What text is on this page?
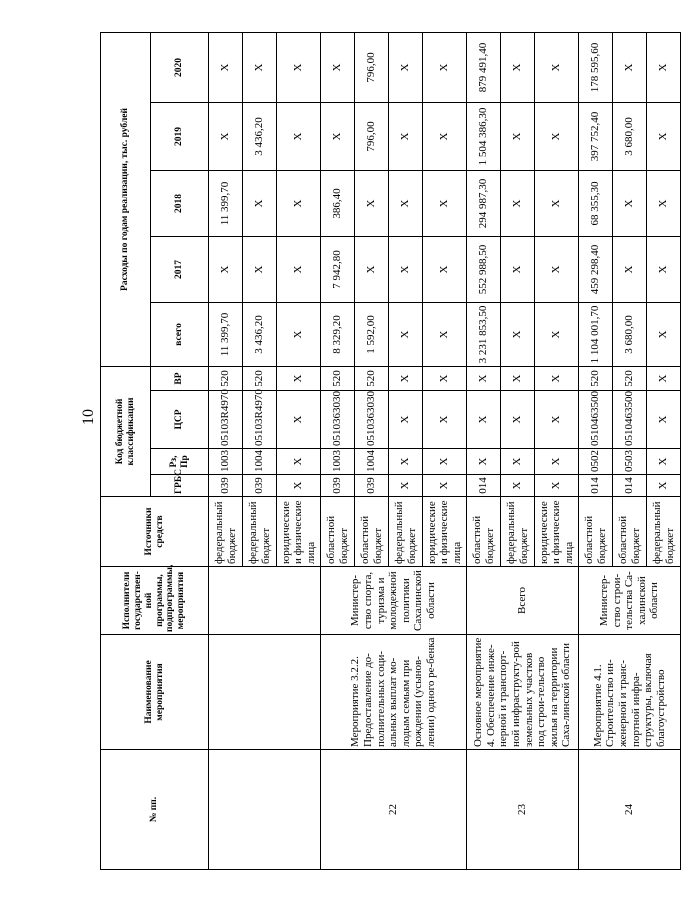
10
№ пп.	Наименование мероприятия	Исполнители государствен-ной программы, подпрограммы, мероприятия	Источники средств	Код бюджетной классификации				Расходы по годам реализации, тыс. рублей				
				ГРБС	Рз, Пр	ЦСР	ВР	всего	2017	2018	2019	2020
			федеральный бюджет	039	1003	05103R4970	520	11 399,70	X	11 399,70	X	X
			федеральный бюджет	039	1004	05103R4970	520	3 436,20	X	X	3 436,20	X
			юридические и физические лица	X	X	X	X	X	X	X	X	X
22	Мероприятие 3.2.2. Предоставление до-полнительных соци-альных выплат мо-лодым семьям при рождении (усынов-лении) одного ре-бенка	Министер-ство спорта, туризма и молодежной политики Сахалинской области	областной бюджет	039	1003	0510363030	520	8 329,20	7 942,80	386,40	X	X
			областной бюджет	039	1004	0510363030	520	1 592,00	X	X	796,00	796,00
			федеральный бюджет	X	X	X	X	X	X	X	X	X
			юридические и физические лица	X	X	X	X	X	X	X	X	X
23	Основное мероприятие 4. Обеспечение инже-нерной и транспорт-ной инфраструкту-рой земельных участков под строи-тельство жилья на территории Саха-линской области	Всего	областной бюджет	014	X	X	X	3 231 853,50	552 988,50	294 987,30	1 504 386,30	879 491,40
			федеральный бюджет	X	X	X	X	X	X	X	X	X
			юридические и физические лица	X	X	X	X	X	X	X	X	X
24	Мероприятие 4.1. Строительство ин-женерной и транс-портной инфра-структуры, включая благоустройство	Министер-ство строи-тельства Са-халинской области	областной бюджет	014	0502	0510463500	520	1 104 001,70	459 298,40	68 355,30	397 752,40	178 595,60
			областной бюджет	014	0503	0510463500	520	3 680,00	X	X	3 680,00	X
			федеральный бюджет	X	X	X	X	X	X	X	X	X
